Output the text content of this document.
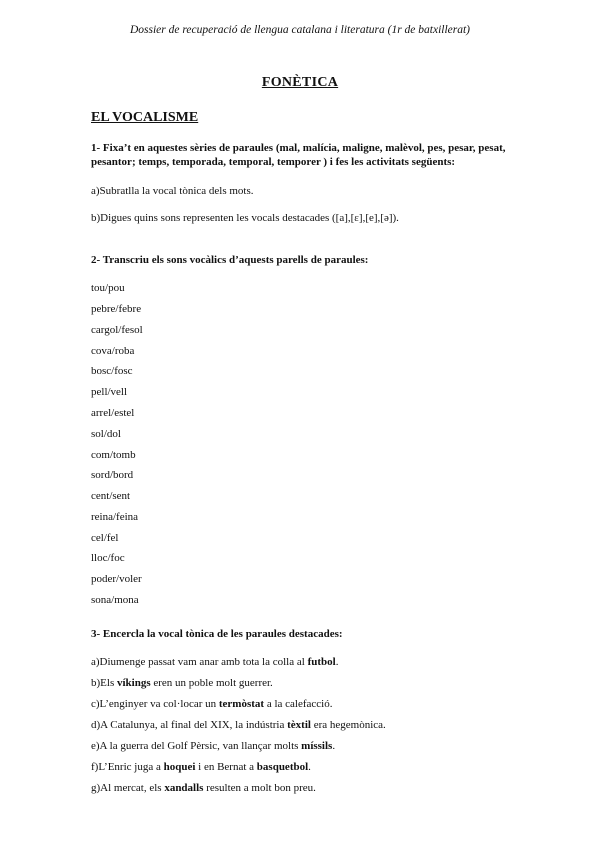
Dossier de recuperació de llengua catalana i literatura (1r de batxillerat)
FONÈTICA
EL VOCALISME
1- Fixa’t en aquestes sèries de paraules (mal, malícia, maligne, malèvol, pes, pesar, pesat, pesantor; temps, temporada, temporal, temporer ) i fes les activitats següents:
a)Subratlla la vocal tònica dels mots.
b)Digues quins sons representen les vocals destacades ([a],[ɛ],[e],[ə]).
2- Transcriu els sons vocàlics d’aquests parells de paraules:
tou/pou
pebre/febre
cargol/fesol
cova/roba
bosc/fosc
pell/vell
arrel/estel
sol/dol
com/tomb
sord/bord
cent/sent
reina/feina
cel/fel
lloc/foc
poder/voler
sona/mona
3- Encercla la vocal tònica de les paraules destacades:
a)Diumenge passat vam anar amb tota la colla al futbol.
b)Els víkings eren un poble molt guerrer.
c)L’enginyer va col·locar un termòstat a la calefacció.
d)A Catalunya, al final del XIX, la indústria tèxtil era hegemònica.
e)A la guerra del Golf Pèrsic, van llançar molts míssils.
f)L’Enric juga a hoquei i en Bernat a basquetbol.
g)Al mercat, els xandalls resulten a molt bon preu.
